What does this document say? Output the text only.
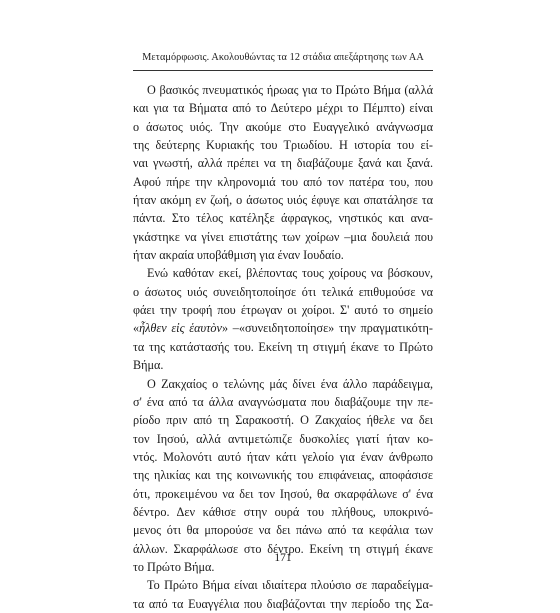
Μεταμόρφωσις. Ακολουθώντας τα 12 στάδια απεξάρτησης των ΑΑ
Ο βασικός πνευματικός ήρωας για το Πρώτο Βήμα (αλλά
και για τα Βήματα από το Δεύτερο μέχρι το Πέμπτο) είναι
ο άσωτος υιός. Την ακούμε στο Ευαγγελικό ανάγνωσμα
της δεύτερης Κυριακής του Τριωδίου. Η ιστορία του εί-
ναι γνωστή, αλλά πρέπει να τη διαβάζουμε ξανά και ξανά.
Αφού πήρε την κληρονομιά του από τον πατέρα του, που
ήταν ακόμη εν ζωή, ο άσωτος υιός έφυγε και σπατάλησε τα
πάντα. Στο τέλος κατέληξε άφραγκος, νηστικός και ανα-
γκάστηκε να γίνει επιστάτης των χοίρων –μια δουλειά που
ήταν ακραία υποβάθμιση για έναν Ιουδαίο.
Ενώ καθόταν εκεί, βλέποντας τους χοίρους να βόσκουν,
ο άσωτος υιός συνειδητοποίησε ότι τελικά επιθυμούσε να
φάει την τροφή που έτρωγαν οι χοίροι. Σ' αυτό το σημείο
«ἦλθεν εἰς ἑαυτὸν» –«συνειδητοποίησε» την πραγματικότη-
τα της κατάστασής του. Εκείνη τη στιγμή έκανε το Πρώτο
Βήμα.
Ο Ζακχαίος ο τελώνης μάς δίνει ένα άλλο παράδειγμα,
σ' ένα από τα άλλα αναγνώσματα που διαβάζουμε την πε-
ρίοδο πριν από τη Σαρακοστή. Ο Ζακχαίος ήθελε να δει
τον Ιησού, αλλά αντιμετώπιζε δυσκολίες γιατί ήταν κο-
ντός. Μολονότι αυτό ήταν κάτι γελοίο για έναν άνθρωπο
της ηλικίας και της κοινωνικής του επιφάνειας, αποφάσισε
ότι, προκειμένου να δει τον Ιησού, θα σκαρφάλωνε σ' ένα
δέντρο. Δεν κάθισε στην ουρά του πλήθους, υποκρινό-
μενος ότι θα μπορούσε να δει πάνω από τα κεφάλια των
άλλων. Σκαρφάλωσε στο δέντρο. Εκείνη τη στιγμή έκανε
το Πρώτο Βήμα.
Το Πρώτο Βήμα είναι ιδιαίτερα πλούσιο σε παραδείγμα-
τα από τα Ευαγγέλια που διαβάζονται την περίοδο της Σα-
171
